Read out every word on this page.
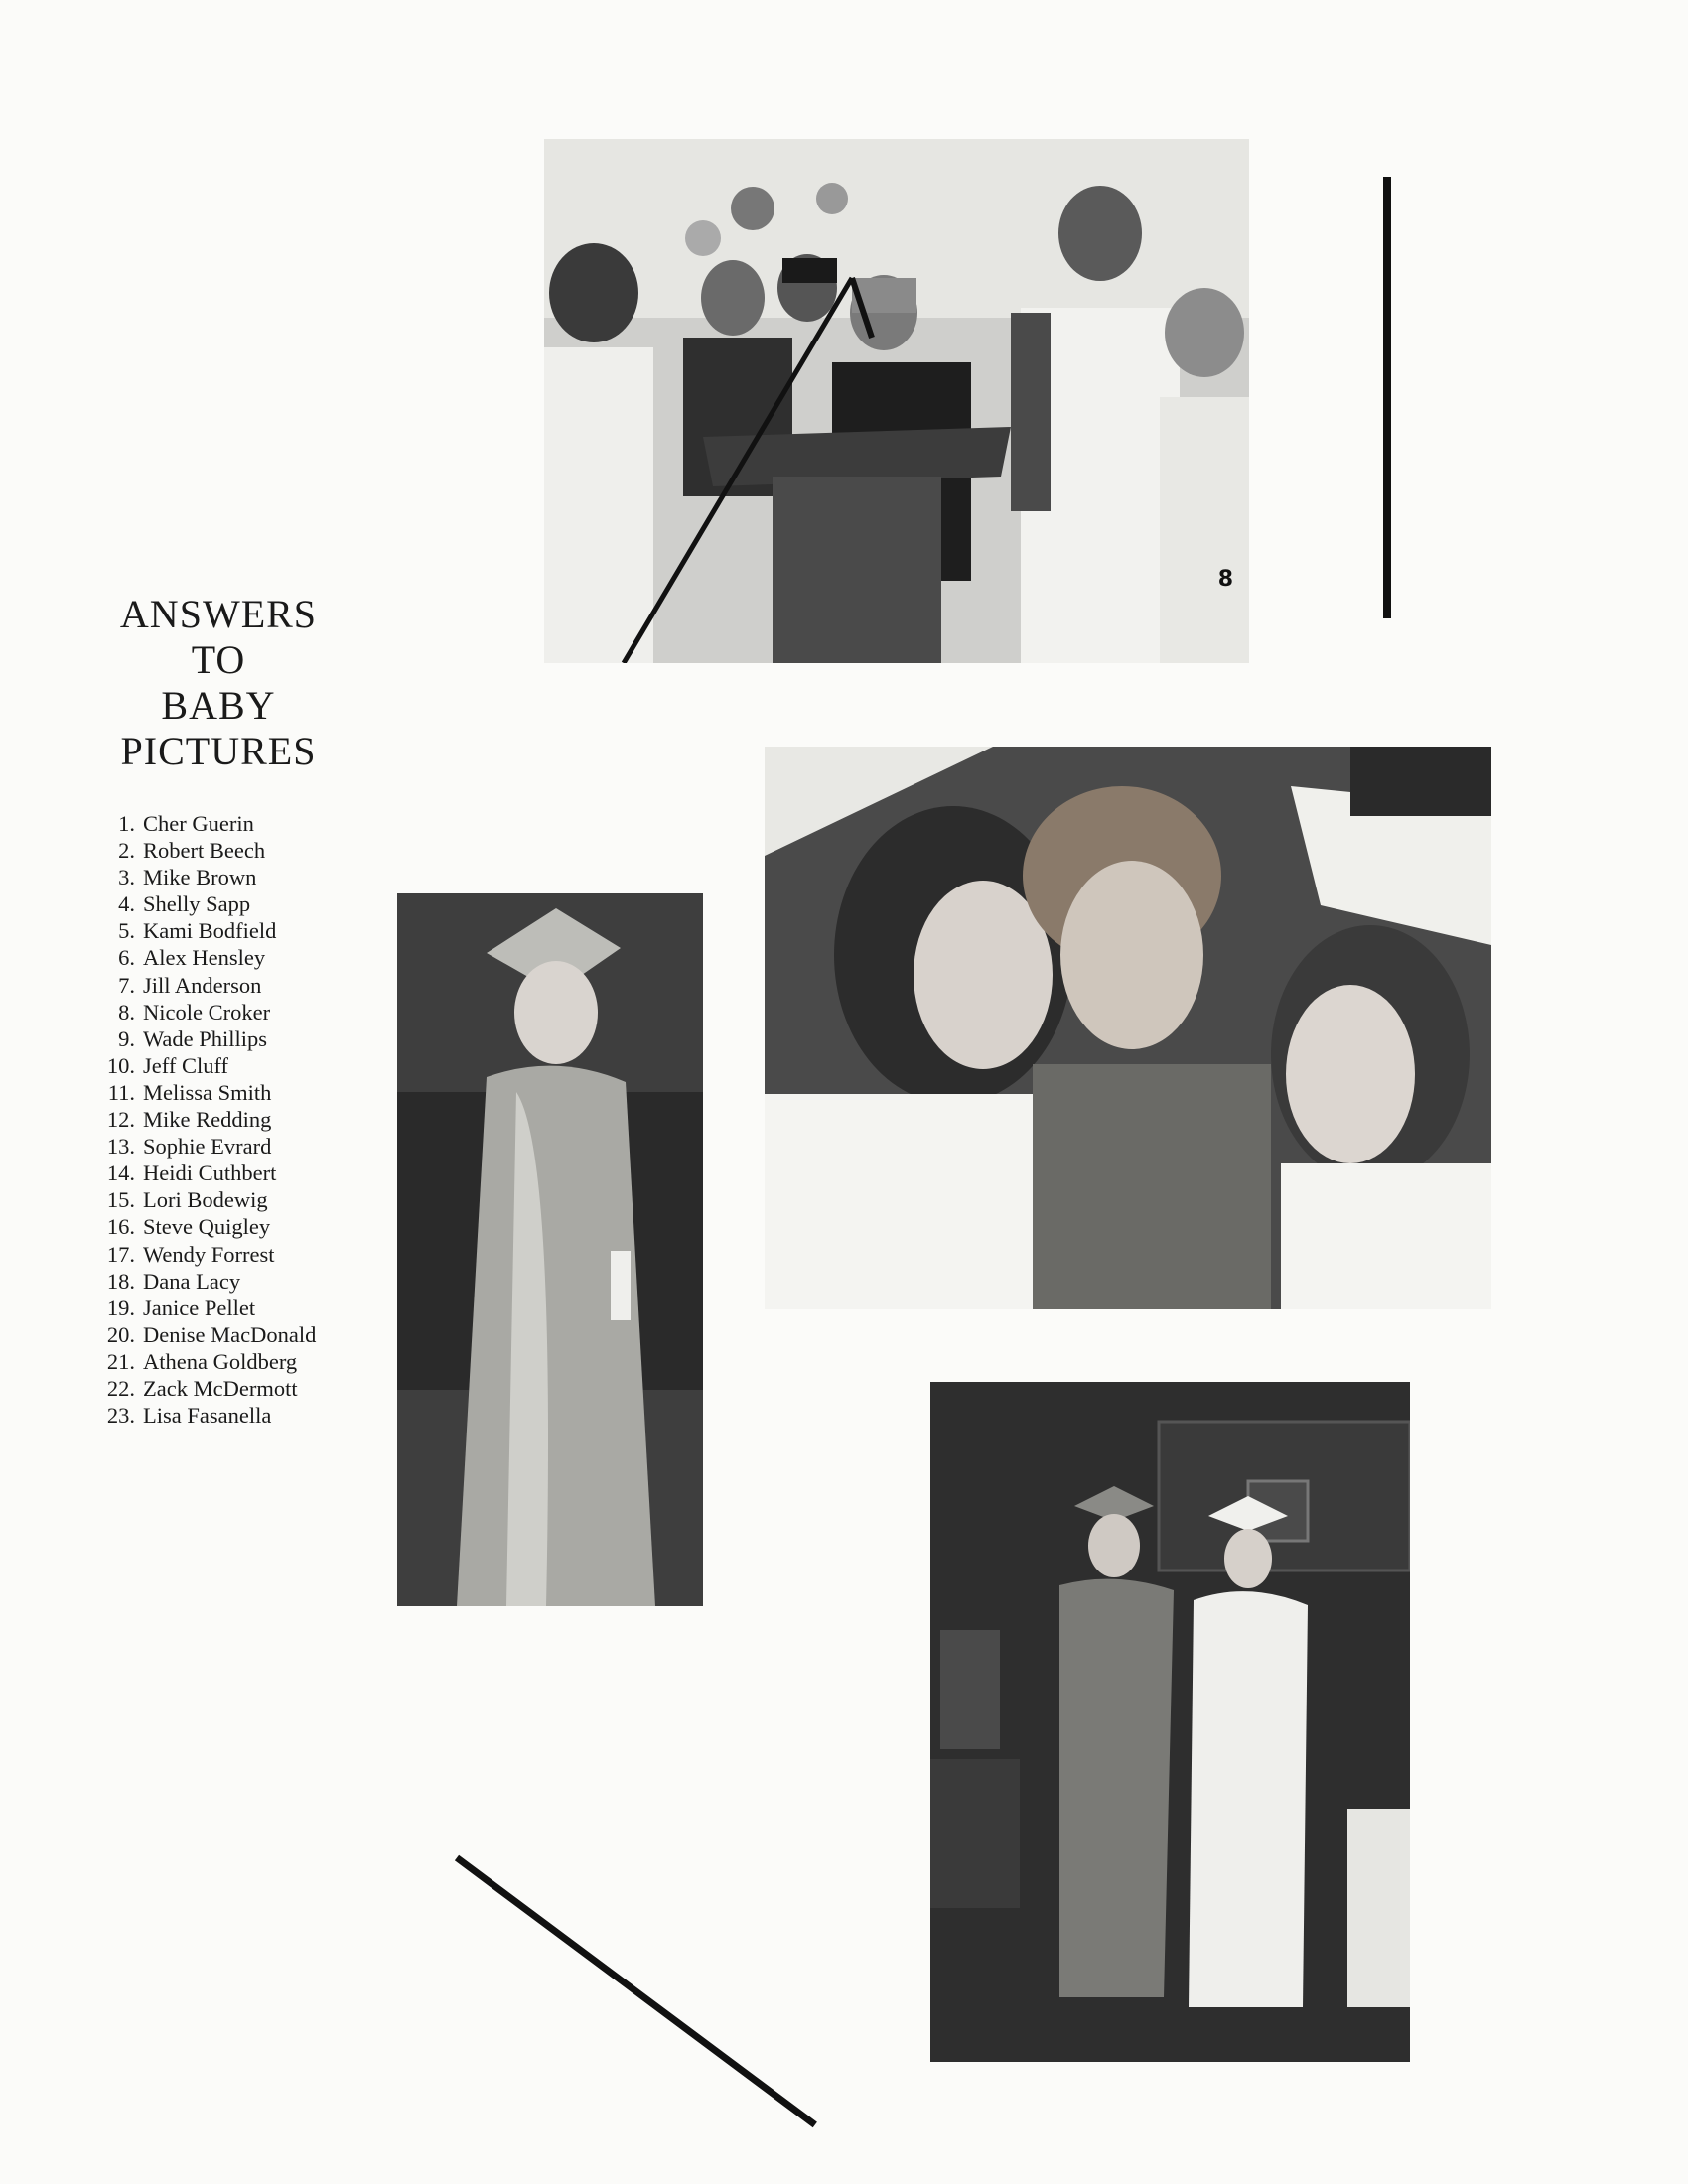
8
ANSWERS
TO
BABY
PICTURES
1. Cher Guerin
2. Robert Beech
3. Mike Brown
4. Shelly Sapp
5. Kami Bodfield
6. Alex Hensley
7. Jill Anderson
8. Nicole Croker
9. Wade Phillips
10. Jeff Cluff
11. Melissa Smith
12. Mike Redding
13. Sophie Evrard
14. Heidi Cuthbert
15. Lori Bodewig
16. Steve Quigley
17. Wendy Forrest
18. Dana Lacy
19. Janice Pellet
20. Denise MacDonald
21. Athena Goldberg
22. Zack McDermott
23. Lisa Fasanella
